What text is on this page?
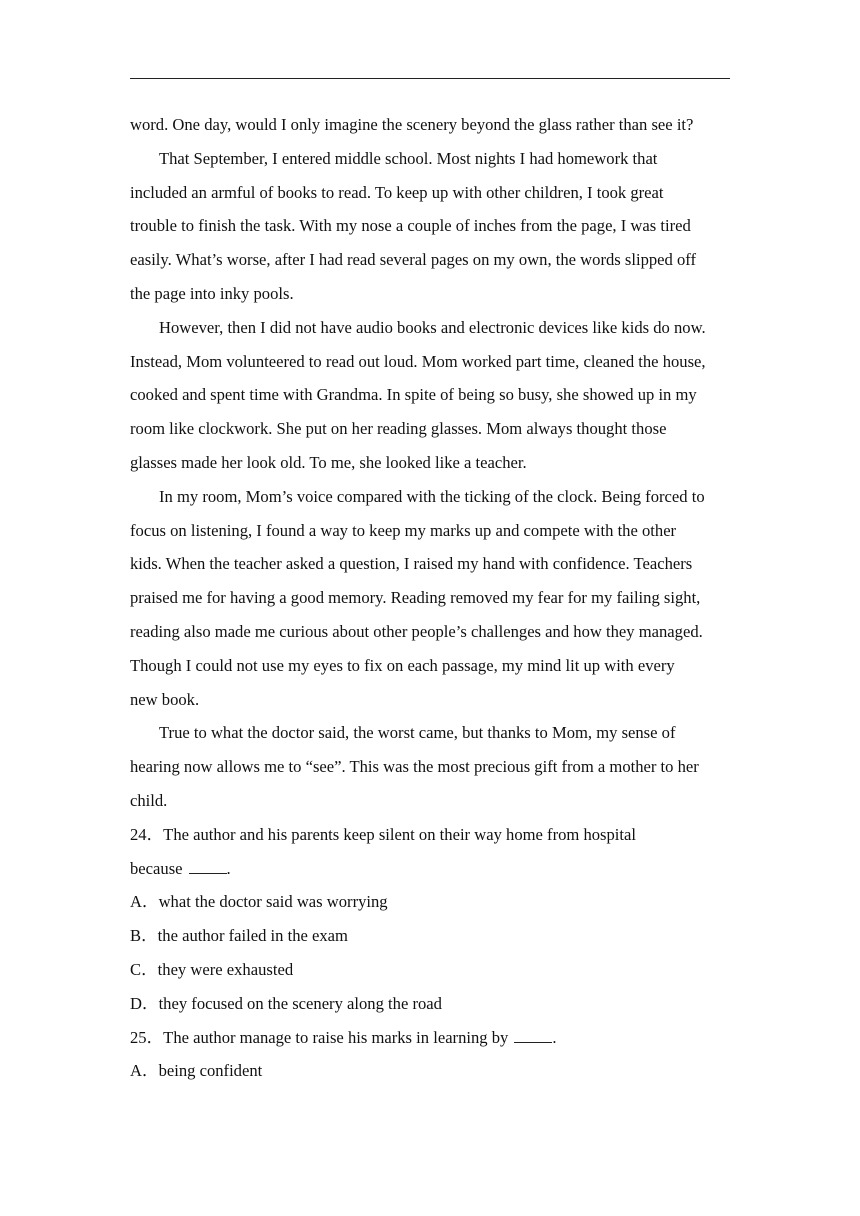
word. One day, would I only imagine the scenery beyond the glass rather than see it?
That September, I entered middle school. Most nights I had homework that
included an armful of books to read. To keep up with other children, I took great
trouble to finish the task. With my nose a couple of inches from the page, I was tired
easily. What’s worse, after I had read several pages on my own, the words slipped off
the page into inky pools.
However, then I did not have audio books and electronic devices like kids do now.
Instead, Mom volunteered to read out loud. Mom worked part time, cleaned the house,
cooked and spent time with Grandma. In spite of being so busy, she showed up in my
room like clockwork. She put on her reading glasses. Mom always thought those
glasses made her look old. To me, she looked like a teacher.
In my room, Mom’s voice compared with the ticking of the clock. Being forced to
focus on listening, I found a way to keep my marks up and compete with the other
kids. When the teacher asked a question, I raised my hand with confidence. Teachers
praised me for having a good memory. Reading removed my fear for my failing sight,
reading also made me curious about other people’s challenges and how they managed.
Though I could not use my eyes to fix on each passage, my mind lit up with every
new book.
True to what the doctor said, the worst came, but thanks to Mom, my sense of
hearing now allows me to “see”. This was the most precious gift from a mother to her
child.
24．The author and his parents keep silent on their way home from hospital
because	.
A．what the doctor said was worrying
B．the author failed in the exam
C．they were exhausted
D．they focused on the scenery along the road
25．The author manage to raise his marks in learning by	.
A．being confident
